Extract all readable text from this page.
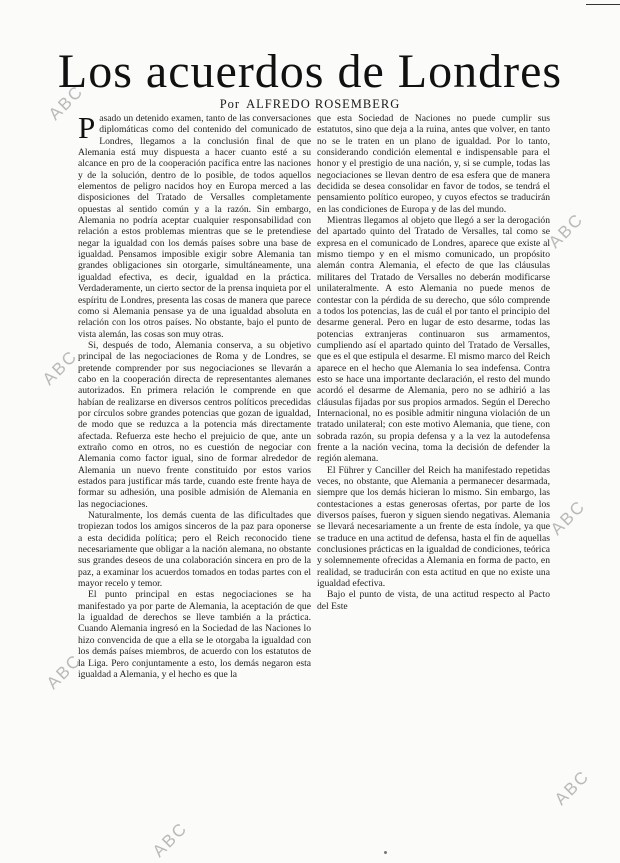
Los acuerdos de Londres
Por ALFREDO ROSEMBERG

Pasado un detenido examen, tanto de las conversaciones diplomáticas como del contenido del comunicado de Londres, llegamos a la conclusión final de que Alemania está muy dispuesta a hacer cuanto esté a su alcance en pro de la cooperación pacífica entre las naciones y de la solución, dentro de lo posible, de todos aquellos elementos de peligro nacidos hoy en Europa merced a las disposiciones del Tratado de Versalles completamente opuestas al sentido común y a la razón. Sin embargo, Alemania no podría aceptar cualquier responsabilidad con relación a estos problemas mientras que se le pretendiese negar la igualdad con los demás países sobre una base de igualdad. Pensamos imposible exigir sobre Alemania tan grandes obligaciones sin otorgarle, simultáneamente, una igualdad efectiva, es decir, igualdad en la práctica. Verdaderamente, un cierto sector de la prensa inquieta por el espíritu de Londres, presenta las cosas de manera que parece como si Alemania pensase ya de una igualdad absoluta en relación con los otros países. No obstante, bajo el punto de vista alemán, las cosas son muy otras.

Si, después de todo, Alemania conserva, a su objetivo principal de las negociaciones de Roma y de Londres, se pretende comprender por sus negociaciones se llevarán a cabo en la cooperación directa de representantes alemanes autorizados. En primera relación le comprende en que habían de realizarse en diversos centros políticos precedidas por círculos sobre grandes potencias que gozan de igualdad, de modo que se reduzca a la potencia más directamente afectada. Refuerza este hecho el prejuicio de que, ante un extraño como en otros, no es cuestión de negociar con Alemania como factor igual, sino de formar alrededor de Alemania un nuevo frente constituido por estos varios estados para justificar más tarde, cuando este frente haya de formar su adhesión, una posible admisión de Alemania en las negociaciones.

Naturalmente, los demás cuenta de las dificultades que tropiezan todos los amigos sinceros de la paz para oponerse a esta decidida política; pero el Reich reconocido tiene necesariamente que obligar a la nación alemana, no obstante sus grandes deseos de una colaboración sincera en pro de la paz, a examinar los acuerdos tomados en todas partes con el mayor recelo y temor.

El punto principal en estas negociaciones se ha manifestado ya por parte de Alemania, la aceptación de que la igualdad de derechos se lleve también a la práctica. Cuando Alemania ingresó en la Sociedad de las Naciones lo hizo convencida de que a ella se le otorgaba la igualdad con los demás países miembros, de acuerdo con los estatutos de la Liga. Pero conjuntamente a esto, los demás negaron esta igualdad a Alemania, y el hecho es que la

que esta Sociedad de Naciones no puede cumplir sus estatutos, sino que deja a la ruina, antes que volver, en tanto no se le traten en un plano de igualdad. Por lo tanto, considerando condición elemental e indispensable para el honor y el prestigio de una nación, y, si se cumple, todas las negociaciones se llevan dentro de esa esfera que de manera decidida se desea consolidar en favor de todos, se tendrá el pensamiento político europeo, y cuyos efectos se traducirán en las condiciones de Europa y de las del mundo.

Mientras llegamos al objeto que llegó a ser la derogación del apartado quinto del Tratado de Versalles, tal como se expresa en el comunicado de Londres, aparece que existe al mismo tiempo y en el mismo comunicado, un propósito alemán contra Alemania, el efecto de que las cláusulas militares del Tratado de Versalles no deberán modificarse unilateralmente. A esto Alemania no puede menos de contestar con la pérdida de su derecho, que sólo comprende a todos los potencias, las de cuál el por tanto el principio del desarme general. Pero en lugar de esto desarme, todas las potencias extranjeras continuaron sus armamentos, cumpliendo así el apartado quinto del Tratado de Versalles, que es el que estipula el desarme. El mismo marco del Reich aparece en el hecho que Alemania lo sea indefensa. Contra esto se hace una importante declaración, el resto del mundo acordó el desarme de Alemania, pero no se adhirió a las cláusulas fijadas por sus propios armados. Según el Derecho Internacional, no es posible admitir ninguna violación de un tratado unilateral; con este motivo Alemania, que tiene, con sobrada razón, su propia defensa y a la vez la autodefensa frente a la nación vecina, toma la decisión de defender la región alemana.

El Führer y Canciller del Reich ha manifestado repetidas veces, no obstante, que Alemania a permanecer desarmada, siempre que los demás hicieran lo mismo. Sin embargo, las contestaciones a estas generosas ofertas, por parte de los diversos países, fueron y siguen siendo negativas. Alemania se llevará necesariamente a un frente de esta índole, ya que se traduce en una actitud de defensa, hasta el fin de aquellas conclusiones prácticas en la igualdad de condiciones, teórica y solemnemente ofrecidas a Alemania en forma de pacto, en realidad, se traducirán con esta actitud en que no existe una igualdad efectiva.

Bajo el punto de vista, de una actitud respecto al Pacto del Este

ABC
ABC
ABC
ABC
ABC
ABC
ABC
